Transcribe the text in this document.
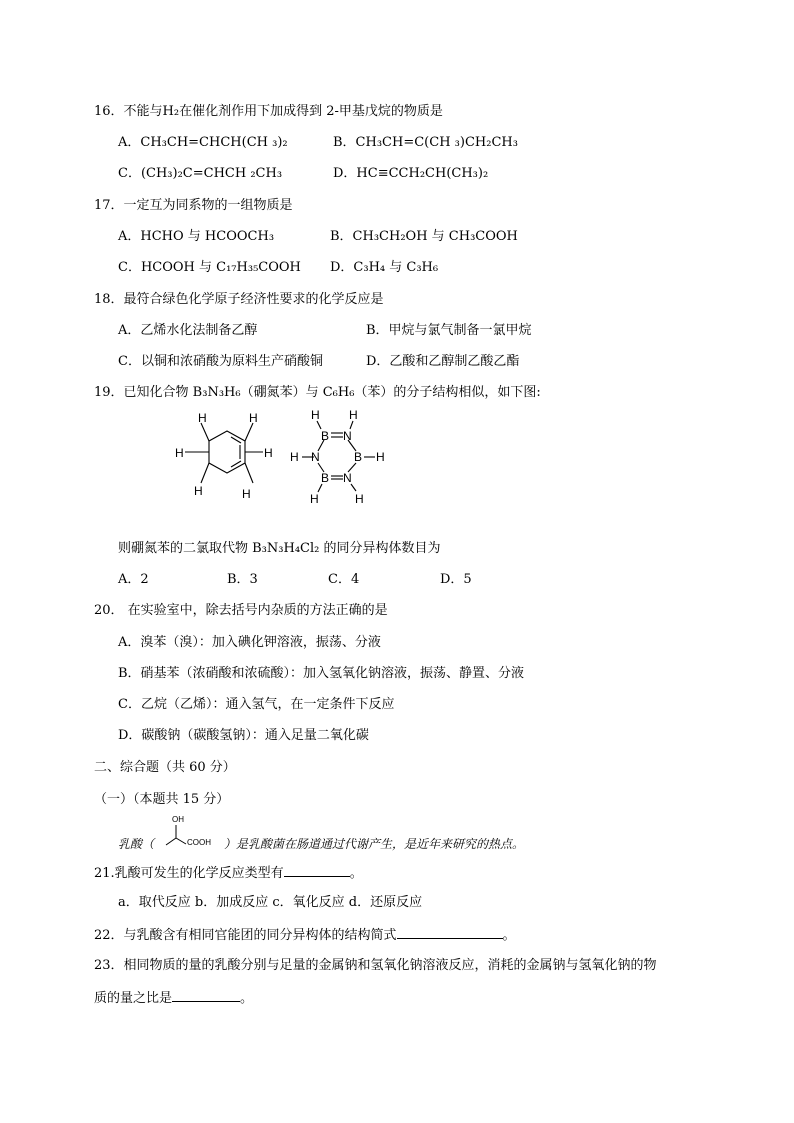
16．不能与H₂在催化剂作用下加成得到 2-甲基戊烷的物质是
A．CH₃CH=CHCH(CH ₃)₂	B．CH₃CH=C(CH ₃)CH₂CH₃
C．(CH₃)₂C=CHCH ₂CH₃	D．HC≡CCH₂CH(CH₃)₂
17．一定互为同系物的一组物质是
A．HCHO 与 HCOOCH₃	B．CH₃CH₂OH 与 CH₃COOH
C．HCOOH 与 C₁₇H₃₅COOH D．C₃H₄ 与 C₃H₆
18．最符合绿色化学原子经济性要求的化学反应是
A．乙烯水化法制备乙醇	B．甲烷与氯气制备一氯甲烷
C．以铜和浓硝酸为原料生产硝酸铜	D．乙酸和乙醇制乙酸乙酯
19．已知化合物 B₃N₃H₆（硼氮苯）与 C₆H₆（苯）的分子结构相似，如下图:
H	H
H	H
H	H
H H
B N
H N	B H
B N
H	H
则硼氮苯的二氯取代物 B₃N₃H₄Cl₂ 的同分异构体数目为
A．2	B．3	C．4	D．5
20． 在实验室中，除去括号内杂质的方法正确的是
A．溴苯（溴）：加入碘化钾溶液，振荡、分液
B．硝基苯（浓硝酸和浓硫酸）：加入氢氧化钠溶液，振荡、静置、分液
C．乙烷（乙烯）：通入氢气，在一定条件下反应
D．碳酸钠（碳酸氢钠）：通入足量二氧化碳
二、综合题（共 60 分）
（一）（本题共 15 分）
乳酸（	）是乳酸菌在肠道通过代谢产生，是近年来研究的热点。
OH
COOH
21.乳酸可发生的化学反应类型有	。
a．取代反应 b．加成反应 c．氧化反应 d．还原反应
22．与乳酸含有相同官能团的同分异构体的结构简式	。
23．相同物质的量的乳酸分别与足量的金属钠和氢氧化钠溶液反应，消耗的金属钠与氢氧化钠的物
质的量之比是	。
